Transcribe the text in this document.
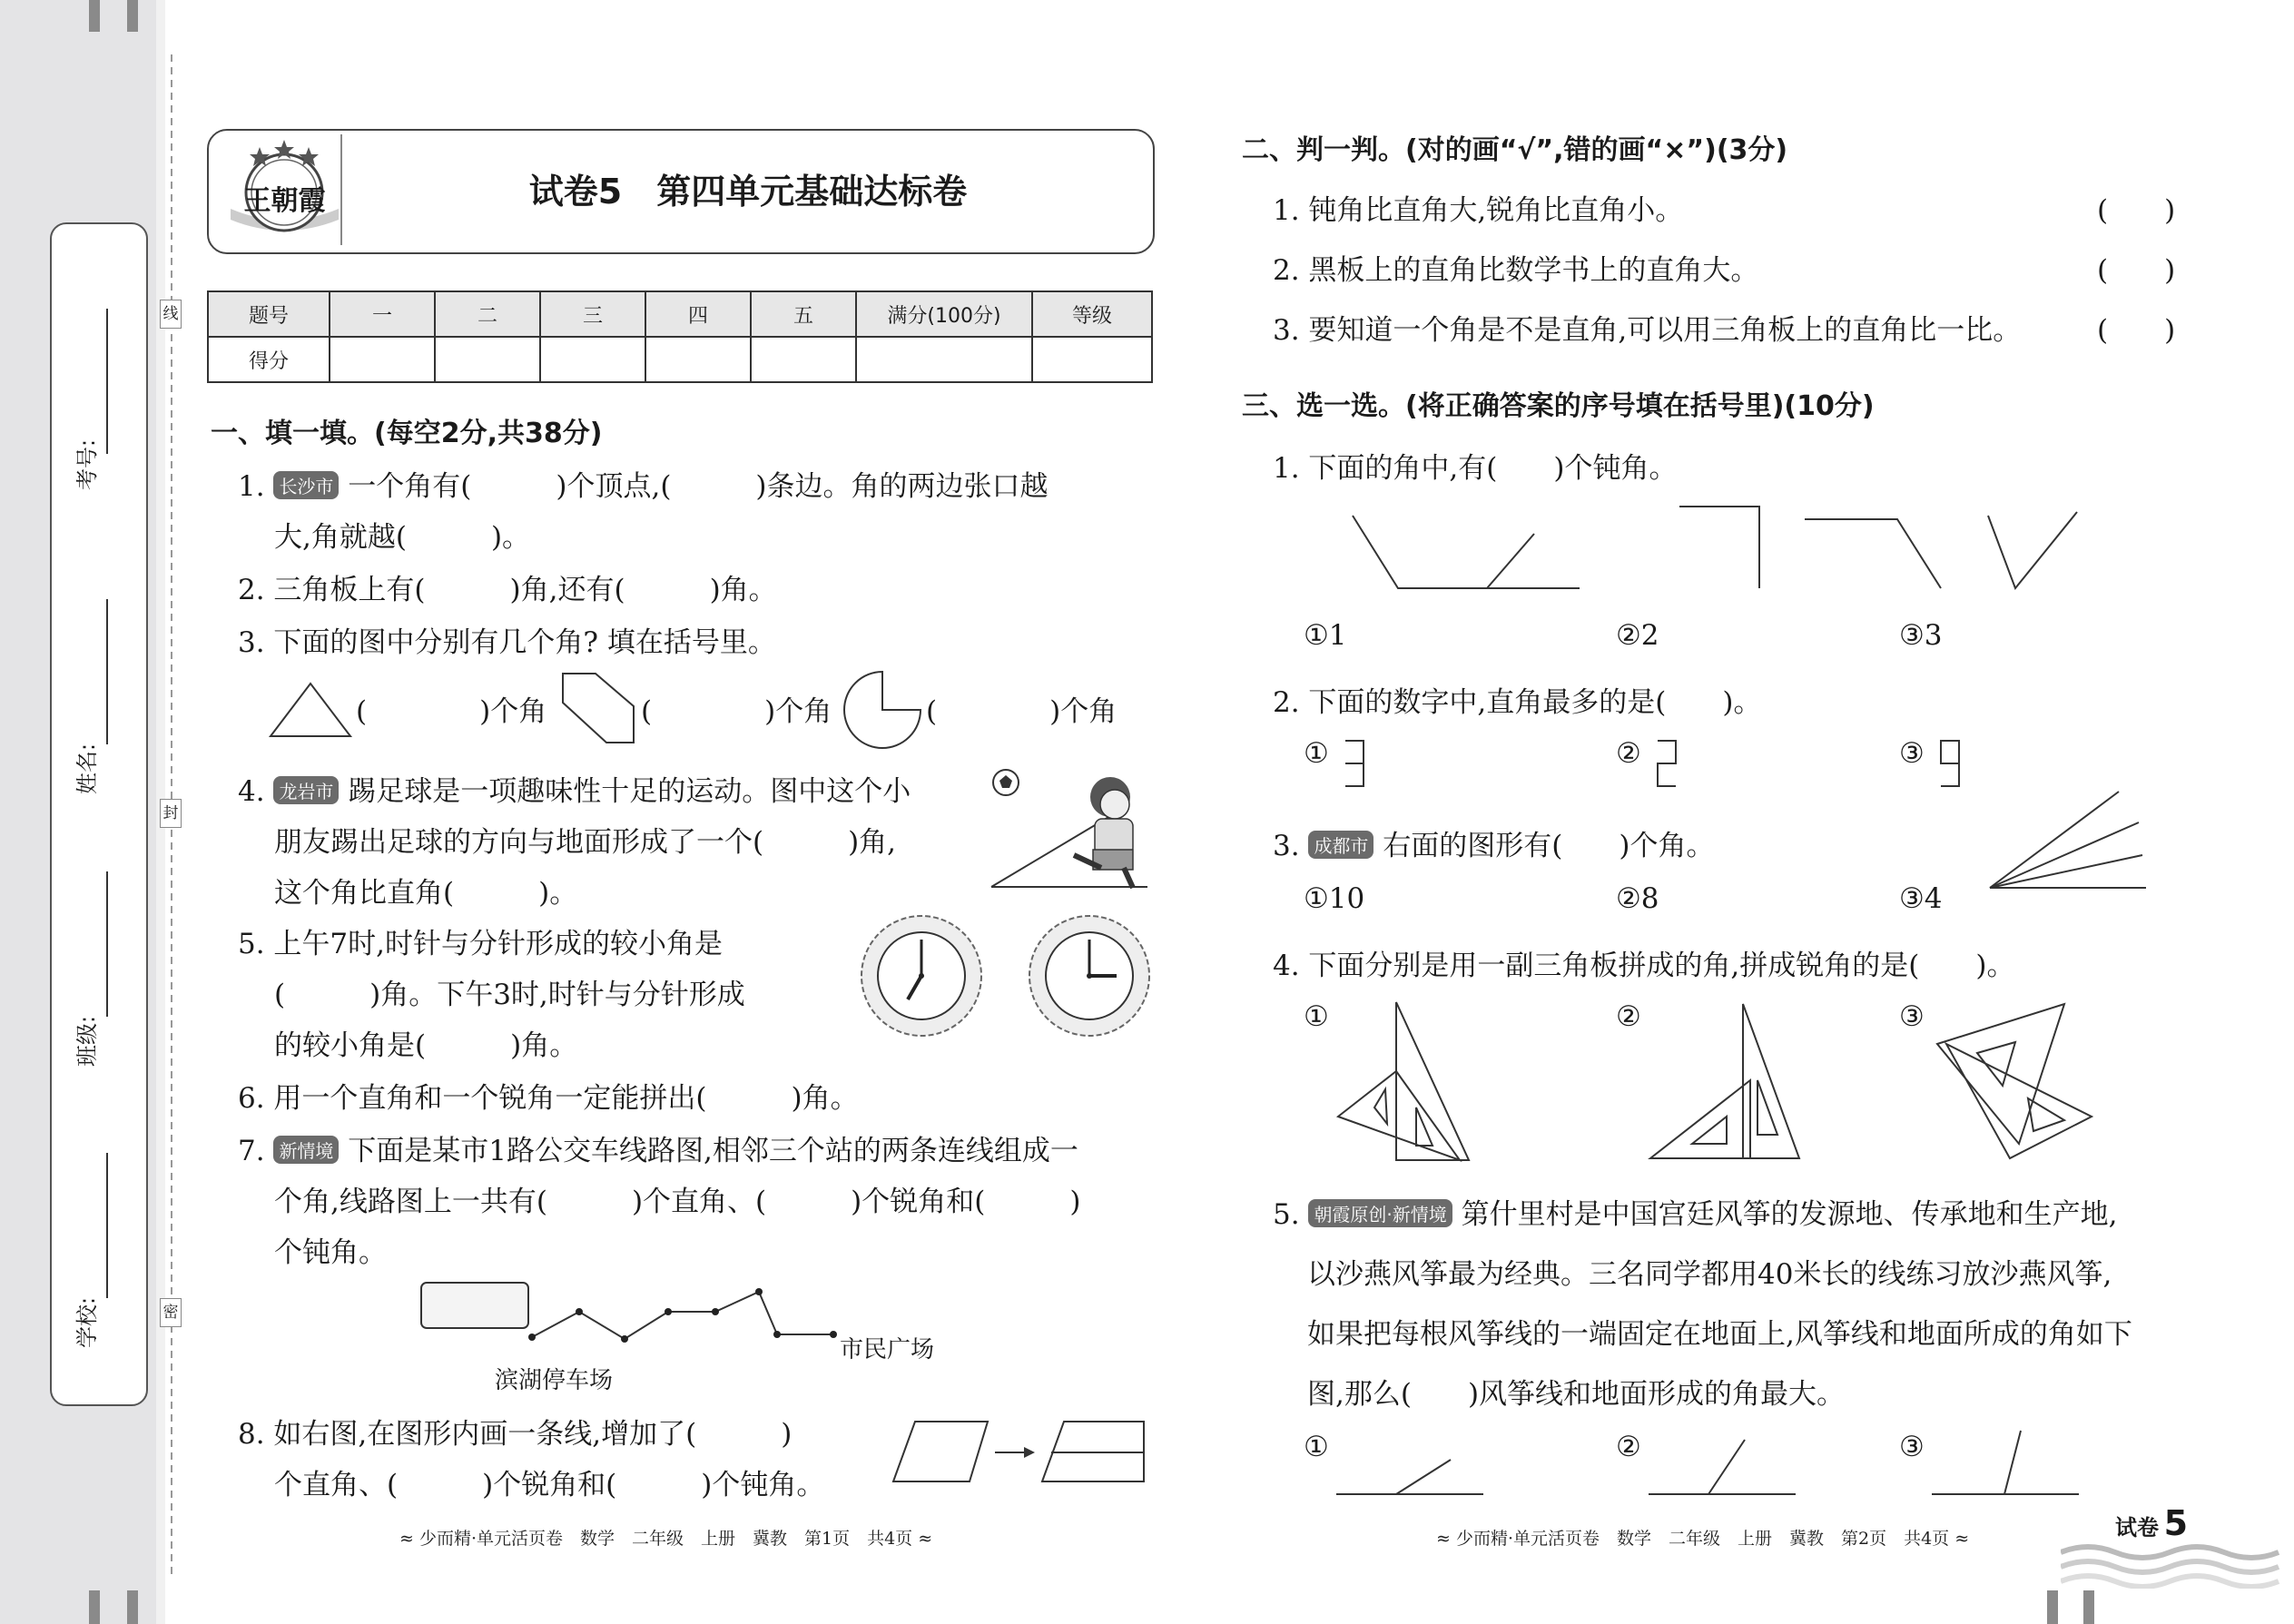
考号:
姓名:
班级:
学校:
线
封
密
王朝霞	试卷5　第四单元基础达标卷
题号	一	二	三	四	五	满分(100分)	等级
得分							
一、填一填。(每空2分,共38分)
1. 长沙市 一个角有(　　　)个顶点,(　　　)条边。角的两边张口越
大,角就越(　　　)。
2. 三角板上有(　　　)角,还有(　　　)角。
3. 下面的图中分别有几个角? 填在括号里。
(　　　　)个角	(　　　　)个角	(　　　　)个角
4. 龙岩市 踢足球是一项趣味性十足的运动。图中这个小
朋友踢出足球的方向与地面形成了一个(　　　)角,
这个角比直角(　　　)。
5. 上午7时,时针与分针形成的较小角是
(　　　)角。下午3时,时针与分针形成
的较小角是(　　　)角。
6. 用一个直角和一个锐角一定能拼出(　　　)角。
7. 新情境 下面是某市1路公交车线路图,相邻三个站的两条连线组成一
个角,线路图上一共有(　　　)个直角、(　　　)个锐角和(　　　)
个钝角。
滨湖停车场
市民广场
8. 如右图,在图形内画一条线,增加了(　　　)
个直角、(　　　)个锐角和(　　　)个钝角。
≈ 少而精·单元活页卷　数学　二年级　上册　冀教　第1页　共4页 ≈
二、判一判。(对的画“√”,错的画“×”)(3分)
1. 钝角比直角大,锐角比直角小。	(　　)
2. 黑板上的直角比数学书上的直角大。	(　　)
3. 要知道一个角是不是直角,可以用三角板上的直角比一比。	(　　)
三、选一选。(将正确答案的序号填在括号里)(10分)
1. 下面的角中,有(　　)个钝角。
①1	②2	③3
2. 下面的数字中,直角最多的是(　　)。
①	②	③
3. 成都市 右面的图形有(　　)个角。
①10	②8	③4
4. 下面分别是用一副三角板拼成的角,拼成锐角的是(　　)。
①	②	③
5. 朝霞原创·新情境 第什里村是中国宫廷风筝的发源地、传承地和生产地,
以沙燕风筝最为经典。三名同学都用40米长的线练习放沙燕风筝,
如果把每根风筝线的一端固定在地面上,风筝线和地面所成的角如下
图,那么(　　)风筝线和地面形成的角最大。
①	②	③
≈ 少而精·单元活页卷　数学　二年级　上册　冀教　第2页　共4页 ≈	试卷 5
